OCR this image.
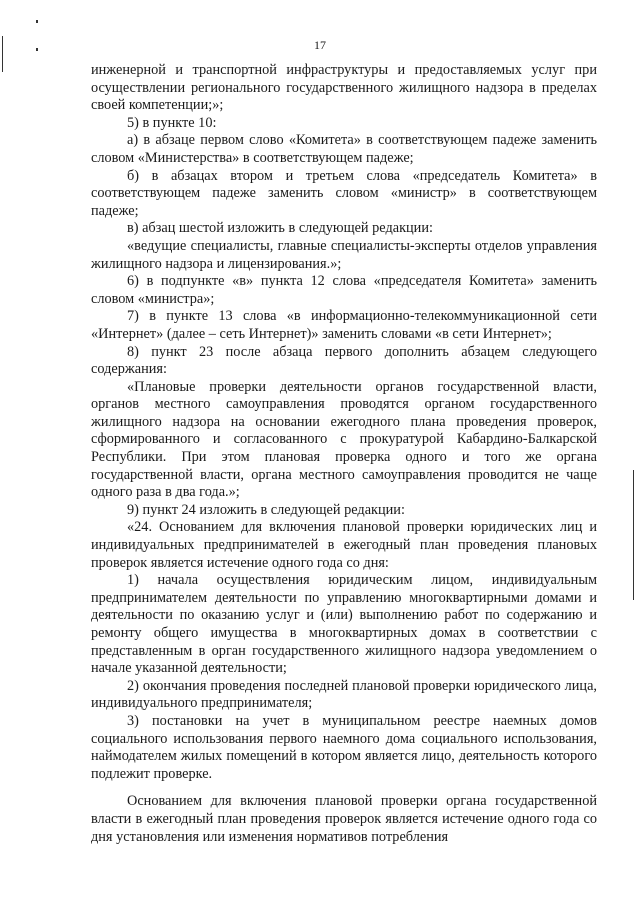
17

инженерной и транспортной инфраструктуры и предоставляемых услуг при осуществлении регионального государственного жилищного надзора в пределах своей компетенции;»;

5) в пункте 10:

а) в абзаце первом слово «Комитета» в соответствующем падеже заменить словом «Министерства» в соответствующем падеже;

б) в абзацах втором и третьем слова «председатель Комитета» в соответствующем падеже заменить словом «министр» в соответствующем падеже;

в) абзац шестой изложить в следующей редакции:

«ведущие специалисты, главные специалисты-эксперты отделов управления жилищного надзора и лицензирования.»;

6) в подпункте «в» пункта 12 слова «председателя Комитета» заменить словом «министра»;

7) в пункте 13 слова «в информационно-телекоммуникационной сети «Интернет» (далее – сеть Интернет)» заменить словами «в сети Интернет»;

8) пункт 23 после абзаца первого дополнить абзацем следующего содержания:

«Плановые проверки деятельности органов государственной власти, органов местного самоуправления проводятся органом государственного жилищного надзора на основании ежегодного плана проведения проверок, сформированного и согласованного с прокуратурой Кабардино-Балкарской Республики. При этом плановая проверка одного и того же органа государственной власти, органа местного самоуправления проводится не чаще одного раза в два года.»;

9) пункт 24 изложить в следующей редакции:

«24. Основанием для включения плановой проверки юридических лиц и индивидуальных предпринимателей в ежегодный план проведения плановых проверок является истечение одного года со дня:

1) начала осуществления юридическим лицом, индивидуальным предпринимателем деятельности по управлению многоквартирными домами и деятельности по оказанию услуг и (или) выполнению работ по содержанию и ремонту общего имущества в многоквартирных домах в соответствии с представленным в орган государственного жилищного надзора уведомлением о начале указанной деятельности;

2) окончания проведения последней плановой проверки юридического лица, индивидуального предпринимателя;

3) постановки на учет в муниципальном реестре наемных домов социального использования первого наемного дома социального использования, наймодателем жилых помещений в котором является лицо, деятельность которого подлежит проверке.

Основанием для включения плановой проверки органа государственной власти в ежегодный план проведения проверок является истечение одного года со дня установления или изменения нормативов потребления
